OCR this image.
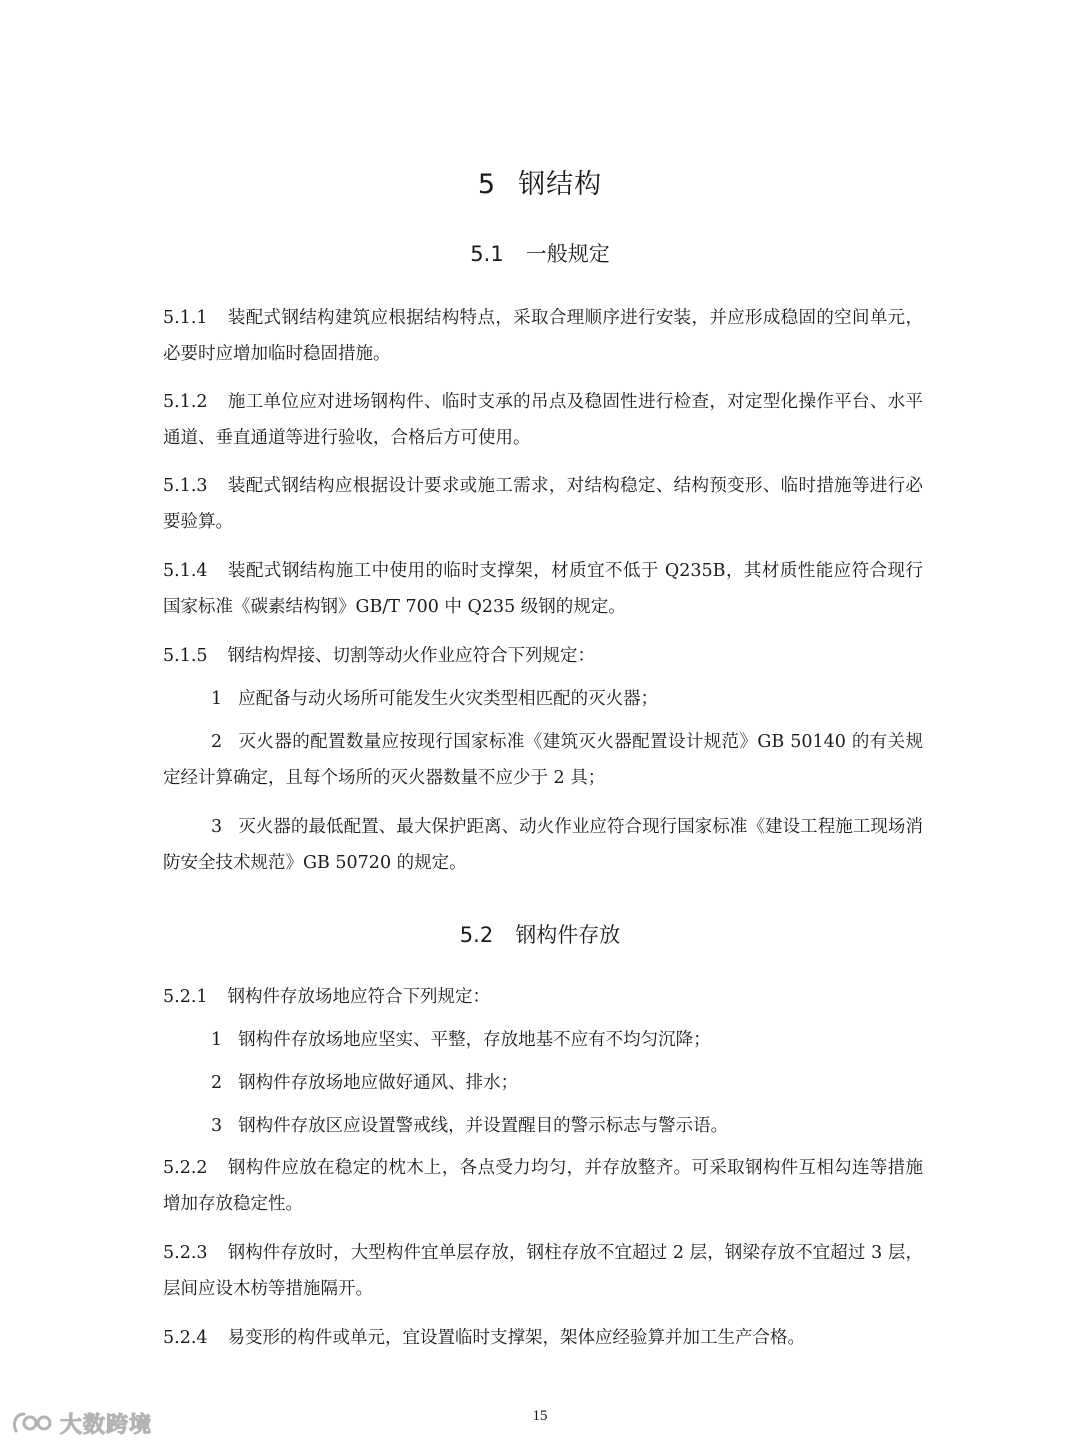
5 钢结构
5.1 一般规定
5.1.1 装配式钢结构建筑应根据结构特点，采取合理顺序进行安装，并应形成稳固的空间单元，必要时应增加临时稳固措施。
5.1.2 施工单位应对进场钢构件、临时支承的吊点及稳固性进行检查，对定型化操作平台、水平通道、垂直通道等进行验收，合格后方可使用。
5.1.3 装配式钢结构应根据设计要求或施工需求，对结构稳定、结构预变形、临时措施等进行必要验算。
5.1.4 装配式钢结构施工中使用的临时支撑架，材质宜不低于 Q235B，其材质性能应符合现行国家标准《碳素结构钢》GB/T 700 中 Q235 级钢的规定。
5.1.5 钢结构焊接、切割等动火作业应符合下列规定：
1 应配备与动火场所可能发生火灾类型相匹配的灭火器；
2 灭火器的配置数量应按现行国家标准《建筑灭火器配置设计规范》GB 50140 的有关规定经计算确定，且每个场所的灭火器数量不应少于 2 具；
3 灭火器的最低配置、最大保护距离、动火作业应符合现行国家标准《建设工程施工现场消防安全技术规范》GB 50720 的规定。
5.2 钢构件存放
5.2.1 钢构件存放场地应符合下列规定：
1 钢构件存放场地应坚实、平整，存放地基不应有不均匀沉降；
2 钢构件存放场地应做好通风、排水；
3 钢构件存放区应设置警戒线，并设置醒目的警示标志与警示语。
5.2.2 钢构件应放在稳定的枕木上，各点受力均匀，并存放整齐。可采取钢构件互相勾连等措施增加存放稳定性。
5.2.3 钢构件存放时，大型构件宜单层存放，钢柱存放不宜超过 2 层，钢梁存放不宜超过 3 层，层间应设木枋等措施隔开。
5.2.4 易变形的构件或单元，宜设置临时支撑架，架体应经验算并加工生产合格。
15
大数跨境
